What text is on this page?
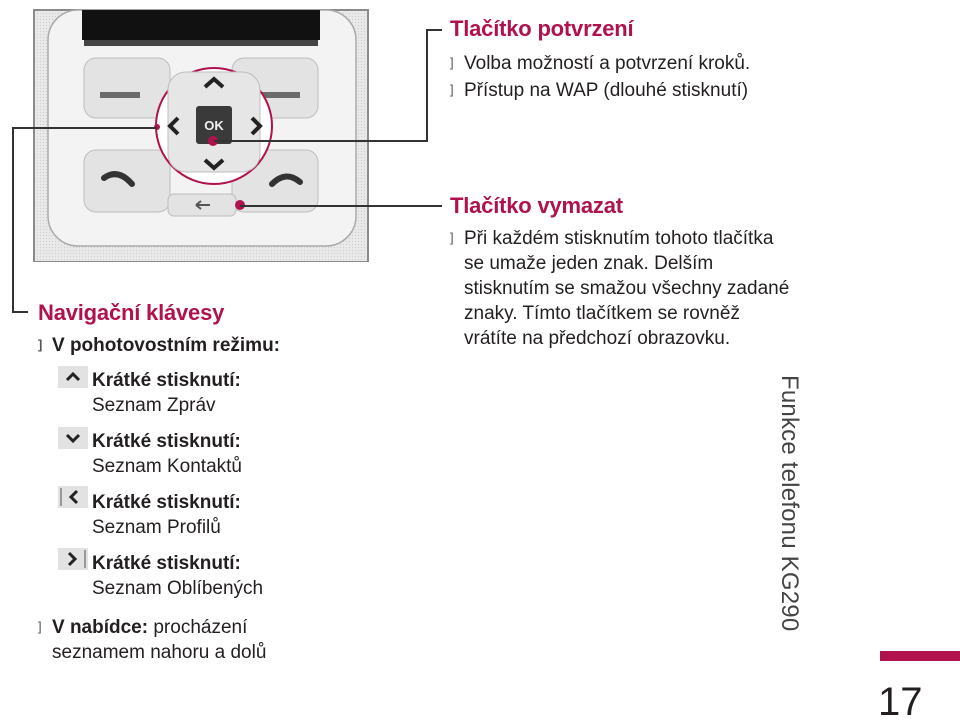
OK
Tlačítko potvrzení
] Volba možností a potvrzení kroků.
] Přístup na WAP (dlouhé stisknutí)
Tlačítko vymazat
] Při každém stisknutím tohoto tlačítka
se umaže jeden znak. Delším
stisknutím se smažou všechny zadané
znaky. Tímto tlačítkem se rovněž
vrátíte na předchozí obrazovku.
Navigační klávesy
] V pohotovostním režimu:
Krátké stisknutí:
Seznam Zpráv
Krátké stisknutí:
Seznam Kontaktů
Krátké stisknutí:
Seznam Profilů
Krátké stisknutí:
Seznam Oblíbených
] V nabídce: procházení
seznamem nahoru a dolů
Funkce telefonu KG290
17
